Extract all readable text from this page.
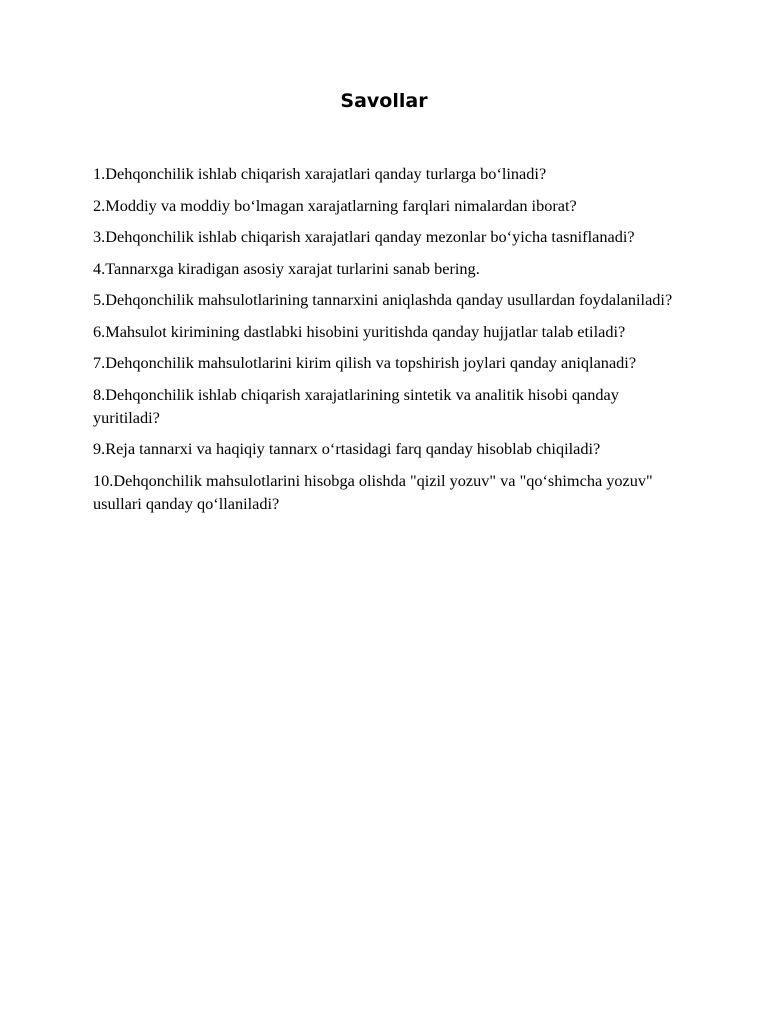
Savollar
1.Dehqonchilik ishlab chiqarish xarajatlari qanday turlarga bo‘linadi?
2.Moddiy va moddiy bo‘lmagan xarajatlarning farqlari nimalardan iborat?
3.Dehqonchilik ishlab chiqarish xarajatlari qanday mezonlar bo‘yicha tasniflanadi?
4.Tannarxga kiradigan asosiy xarajat turlarini sanab bering.
5.Dehqonchilik mahsulotlarining tannarxini aniqlashda qanday usullardan foydalaniladi?
6.Mahsulot kirimining dastlabki hisobini yuritishda qanday hujjatlar talab etiladi?
7.Dehqonchilik mahsulotlarini kirim qilish va topshirish joylari qanday aniqlanadi?
8.Dehqonchilik ishlab chiqarish xarajatlarining sintetik va analitik hisobi qanday yuritiladi?
9.Reja tannarxi va haqiqiy tannarx o‘rtasidagi farq qanday hisoblab chiqiladi?
10.Dehqonchilik mahsulotlarini hisobga olishda "qizil yozuv" va "qo‘shimcha yozuv" usullari qanday qo‘llaniladi?
